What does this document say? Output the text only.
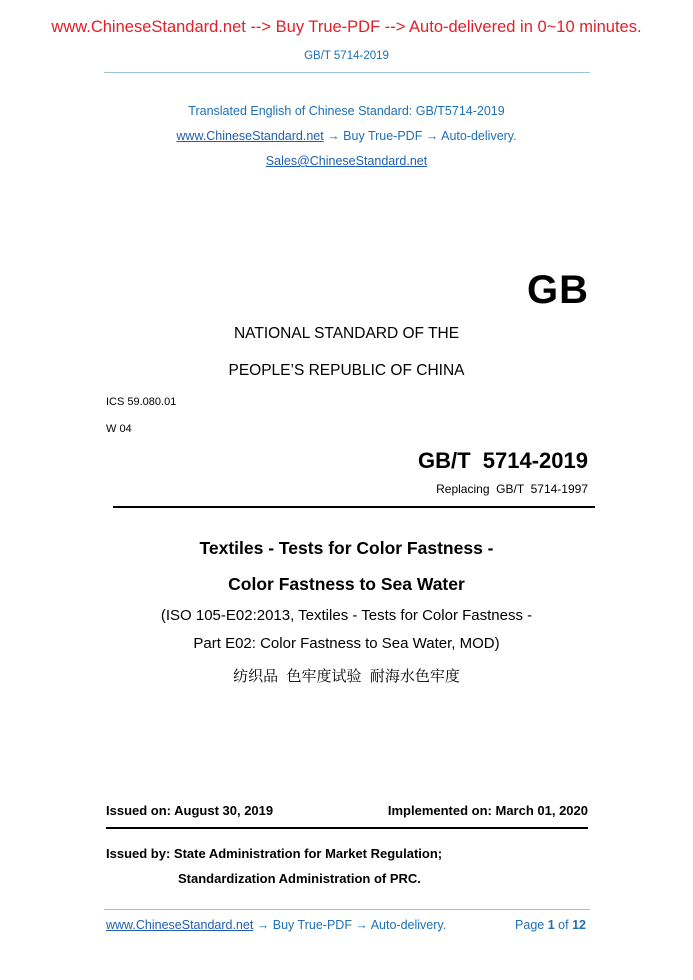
www.ChineseStandard.net --> Buy True-PDF --> Auto-delivered in 0~10 minutes.
GB/T 5714-2019
Translated English of Chinese Standard: GB/T5714-2019
www.ChineseStandard.net → Buy True-PDF → Auto-delivery.
Sales@ChineseStandard.net
GB
NATIONAL STANDARD OF THE
PEOPLE’S REPUBLIC OF CHINA
ICS 59.080.01
W 04
GB/T  5714-2019
Replacing  GB/T  5714-1997
Textiles - Tests for Color Fastness -
Color Fastness to Sea Water
(ISO 105-E02:2013, Textiles - Tests for Color Fastness -
Part E02: Color Fastness to Sea Water, MOD)
纺织品  色牢度试验  耐海水色牢度
Issued on: August 30, 2019	Implemented on: March 01, 2020
Issued by: State Administration for Market Regulation;
Standardization Administration of PRC.
www.ChineseStandard.net → Buy True-PDF → Auto-delivery.	Page 1 of 12
